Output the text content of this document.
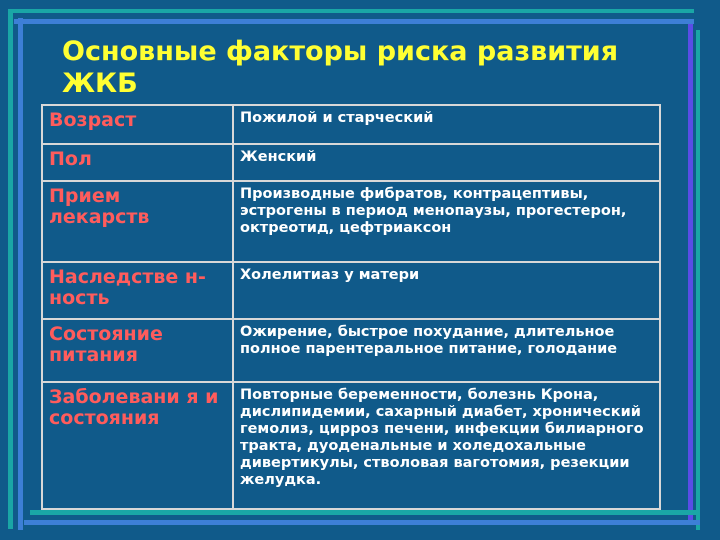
Основные факторы риска развития ЖКБ
Возраст	Пожилой и старческий
Пол	Женский
Прием лекарств	Производные фибратов, контрацептивы, эстрогены в период менопаузы, прогестерон, октреотид, цефтриаксон
Наследстве н-ность	Холелитиаз у матери
Состояние питания	Ожирение, быстрое похудание, длительное полное парентеральное питание, голодание
Заболевани я и состояния	Повторные беременности, болезнь Крона, дислипидемии, сахарный диабет, хронический гемолиз, цирроз печени, инфекции билиарного тракта, дуоденальные и холедохальные дивертикулы, стволовая ваготомия, резекции желудка.
